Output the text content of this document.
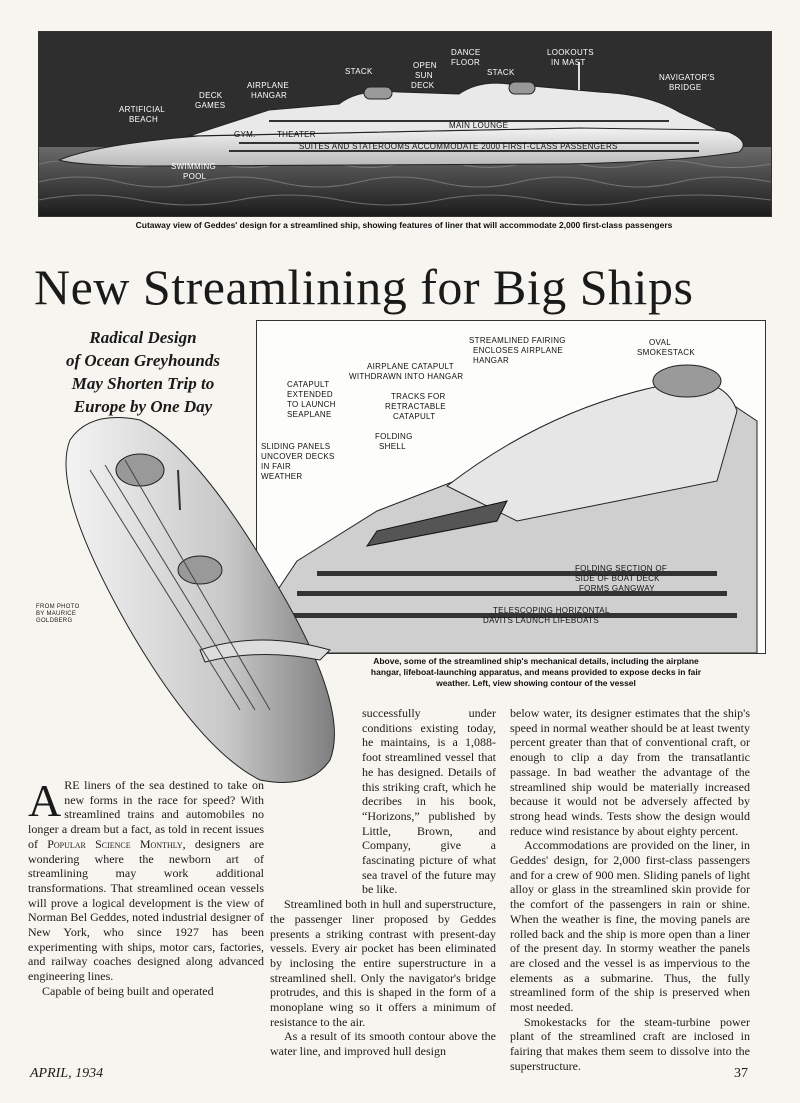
ARTIFICIAL
BEACH
DECK
GAMES
AIRPLANE
HANGAR
STACK
OPEN
SUN
DECK
DANCE
FLOOR
STACK
LOOKOUTS
IN MAST
NAVIGATOR'S
BRIDGE
MAIN LOUNGE
GYM.	THEATER
SUITES AND STATEROOMS ACCOMMODATE 2000 FIRST-CLASS PASSENGERS
SWIMMING
POOL
Cutaway view of Geddes' design for a streamlined ship, showing features of liner that will accommodate 2,000 first-class passengers
New Streamlining for Big Ships
Radical Design
of Ocean Greyhounds
May Shorten Trip to
Europe by One Day
STREAMLINED FAIRING
ENCLOSES AIRPLANE
HANGAR
OVAL
SMOKESTACK
AIRPLANE CATAPULT
WITHDRAWN INTO HANGAR
CATAPULT
EXTENDED
TO LAUNCH
SEAPLANE
TRACKS FOR
RETRACTABLE
CATAPULT
FOLDING
SHELL
SLIDING PANELS
UNCOVER DECKS
IN FAIR
WEATHER
FOLDING SECTION OF
SIDE OF BOAT DECK
FORMS GANGWAY
TELESCOPING HORIZONTAL
DAVITS LAUNCH LIFEBOATS
Above, some of the streamlined ship's mechanical details, including the airplane hangar, lifeboat-launching apparatus, and means provided to expose decks in fair weather. Left, view showing contour of the vessel
FROM PHOTO BY MAURICE GOLDBERG

ARE liners of the sea destined to take on new forms in the race for speed? With streamlined trains and automobiles no longer a dream but a fact, as told in recent issues of Popular Science Monthly, designers are wondering where the newborn art of streamlining may work additional transformations. That streamlined ocean vessels will prove a logical development is the view of Norman Bel Geddes, noted industrial designer of New York, who since 1927 has been experimenting with ships, motor cars, factories, and railway coaches designed along advanced engineering lines.

Capable of being built and operated

successfully under conditions existing today, he maintains, is a 1,088-foot streamlined vessel that he has designed. Details of this striking craft, which he decribes in his book, “Horizons,” published by Little, Brown, and Company, give a fascinating picture of what sea travel of the future may be like.

Streamlined both in hull and superstructure, the passenger liner proposed by Geddes presents a striking contrast with present-day vessels. Every air pocket has been eliminated by inclosing the entire superstructure in a streamlined shell. Only the navigator's bridge protrudes, and this is shaped in the form of a monoplane wing so it offers a minimum of resistance to the air.

As a result of its smooth contour above the water line, and improved hull design

below water, its designer estimates that the ship's speed in normal weather should be at least twenty percent greater than that of conventional craft, or enough to clip a day from the transatlantic passage. In bad weather the advantage of the streamlined ship would be materially increased because it would not be adversely affected by strong head winds. Tests show the design would reduce wind resistance by about eighty percent.

Accommodations are provided on the liner, in Geddes' design, for 2,000 first-class passengers and for a crew of 900 men. Sliding panels of light alloy or glass in the streamlined skin provide for the comfort of the passengers in rain or shine. When the weather is fine, the moving panels are rolled back and the ship is more open than a liner of the present day. In stormy weather the panels are closed and the vessel is as impervious to the elements as a submarine. Thus, the fully streamlined form of the ship is preserved when most needed.

Smokestacks for the steam-turbine power plant of the streamlined craft are inclosed in fairing that makes them seem to dissolve into the superstructure.

APRIL, 1934	37
